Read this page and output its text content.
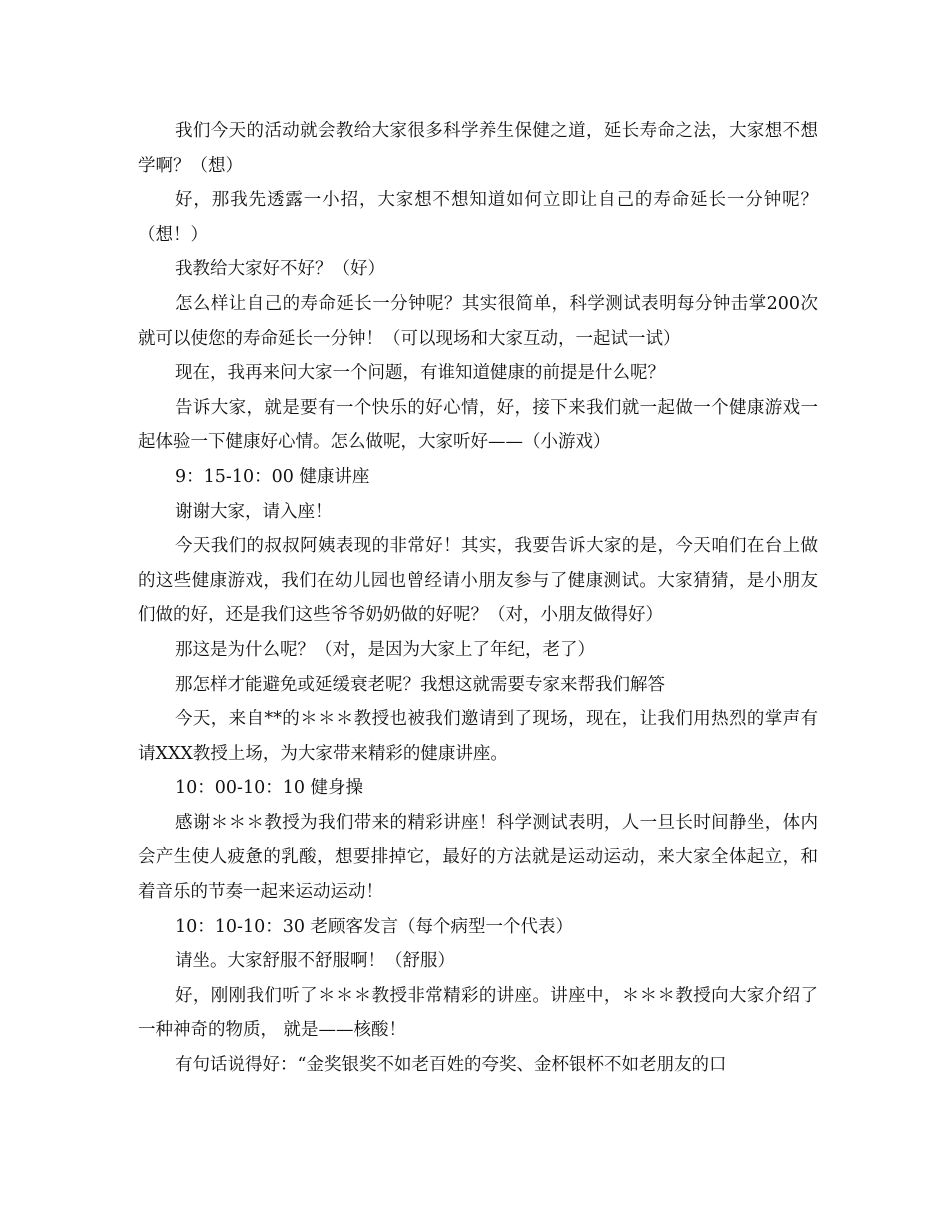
我们今天的活动就会教给大家很多科学养生保健之道，延长寿命之法，大家想不想学啊？（想）

好，那我先透露一小招，大家想不想知道如何立即让自己的寿命延长一分钟呢？（想！）

我教给大家好不好？（好）

怎么样让自己的寿命延长一分钟呢？其实很简单，科学测试表明每分钟击掌200次就可以使您的寿命延长一分钟！（可以现场和大家互动，一起试一试）

现在，我再来问大家一个问题，有谁知道健康的前提是什么呢？

告诉大家，就是要有一个快乐的好心情，好，接下来我们就一起做一个健康游戏一起体验一下健康好心情。怎么做呢，大家听好——（小游戏）

9：15-10：00 健康讲座

谢谢大家，请入座！

今天我们的叔叔阿姨表现的非常好！其实，我要告诉大家的是，今天咱们在台上做的这些健康游戏，我们在幼儿园也曾经请小朋友参与了健康测试。大家猜猜，是小朋友们做的好，还是我们这些爷爷奶奶做的好呢？（对，小朋友做得好）

那这是为什么呢？（对，是因为大家上了年纪，老了）

那怎样才能避免或延缓衰老呢？我想这就需要专家来帮我们解答

今天，来自**的＊＊＊教授也被我们邀请到了现场，现在，让我们用热烈的掌声有请XXX教授上场，为大家带来精彩的健康讲座。

10：00-10：10 健身操

感谢＊＊＊教授为我们带来的精彩讲座！科学测试表明，人一旦长时间静坐，体内会产生使人疲惫的乳酸，想要排掉它，最好的方法就是运动运动，来大家全体起立，和着音乐的节奏一起来运动运动！

10：10-10：30 老顾客发言（每个病型一个代表）

请坐。大家舒服不舒服啊！（舒服）

好，刚刚我们听了＊＊＊教授非常精彩的讲座。讲座中，＊＊＊教授向大家介绍了一种神奇的物质， 就是——核酸！

有句话说得好：“金奖银奖不如老百姓的夸奖、金杯银杯不如老朋友的口
